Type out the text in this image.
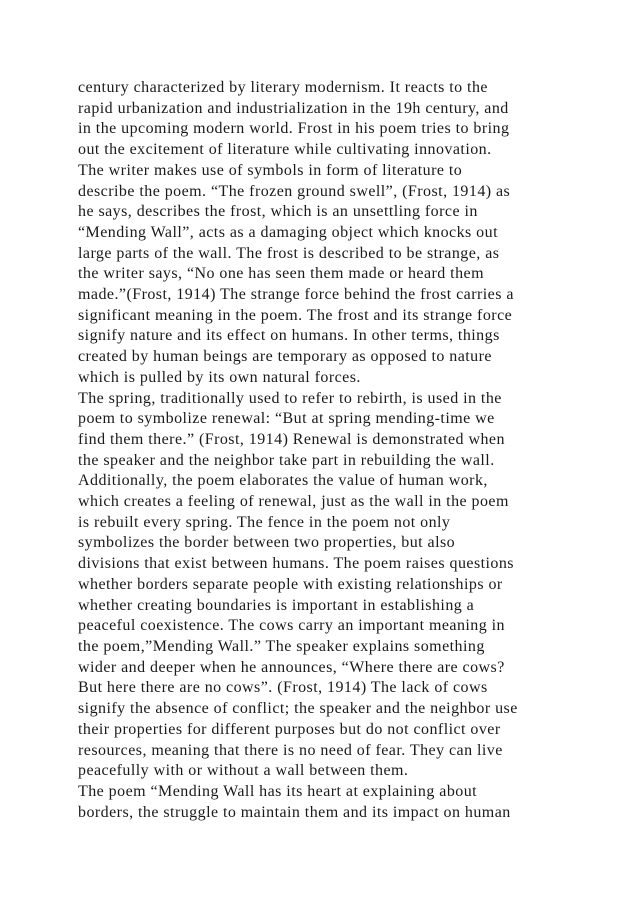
century characterized by literary modernism. It reacts to the
rapid urbanization and industrialization in the 19h century, and
in the upcoming modern world. Frost in his poem tries to bring
out the excitement of literature while cultivating innovation.
The writer makes use of symbols in form of literature to
describe the poem. “The frozen ground swell”, (Frost, 1914) as
he says, describes the frost, which is an unsettling force in
“Mending Wall”, acts as a damaging object which knocks out
large parts of the wall. The frost is described to be strange, as
the writer says, “No one has seen them made or heard them
made.”(Frost, 1914) The strange force behind the frost carries a
significant meaning in the poem. The frost and its strange force
signify nature and its effect on humans. In other terms, things
created by human beings are temporary as opposed to nature
which is pulled by its own natural forces.
The spring, traditionally used to refer to rebirth, is used in the
poem to symbolize renewal: “But at spring mending-time we
find them there.” (Frost, 1914) Renewal is demonstrated when
the speaker and the neighbor take part in rebuilding the wall.
Additionally, the poem elaborates the value of human work,
which creates a feeling of renewal, just as the wall in the poem
is rebuilt every spring. The fence in the poem not only
symbolizes the border between two properties, but also
divisions that exist between humans. The poem raises questions
whether borders separate people with existing relationships or
whether creating boundaries is important in establishing a
peaceful coexistence. The cows carry an important meaning in
the poem,”Mending Wall.” The speaker explains something
wider and deeper when he announces, “Where there are cows?
But here there are no cows”. (Frost, 1914) The lack of cows
signify the absence of conflict; the speaker and the neighbor use
their properties for different purposes but do not conflict over
resources, meaning that there is no need of fear. They can live
peacefully with or without a wall between them.
The poem “Mending Wall has its heart at explaining about
borders, the struggle to maintain them and its impact on human
